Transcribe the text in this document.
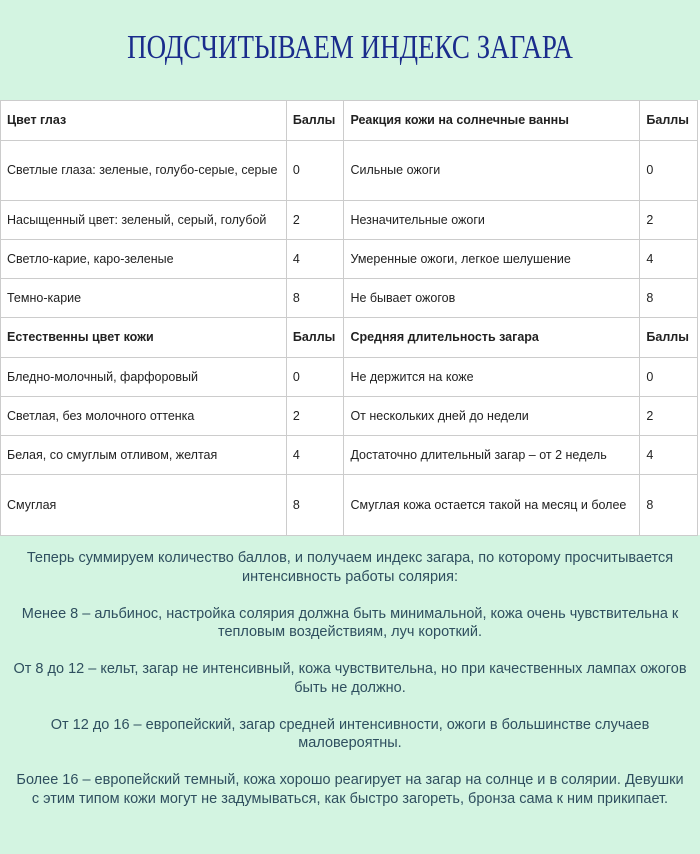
ПОДСЧИТЫВАЕМ ИНДЕКС ЗАГАРА
Цвет глаз	Баллы	Реакция кожи на солнечные ванны	Баллы
Светлые глаза: зеленые, голубо-серые, серые	0	Сильные ожоги	0
Насыщенный цвет: зеленый, серый, голубой	2	Незначительные ожоги	2
Светло-карие, каро-зеленые	4	Умеренные ожоги, легкое шелушение	4
Темно-карие	8	Не бывает ожогов	8
Естественны цвет кожи	Баллы	Средняя длительность загара	Баллы
Бледно-молочный, фарфоровый	0	Не держится на коже	0
Светлая, без молочного оттенка	2	От нескольких дней до недели	2
Белая, со смуглым отливом, желтая	4	Достаточно длительный загар – от 2 недель	4
Смуглая	8	Смуглая кожа остается такой на месяц и более	8

Теперь суммируем количество баллов, и получаем индекс загара, по которому просчитывается интенсивность работы солярия:

Менее 8 – альбинос, настройка солярия должна быть минимальной, кожа очень чувствительна к тепловым воздействиям, луч короткий.

От 8 до 12 – кельт, загар не интенсивный, кожа чувствительна, но при качественных лампах ожогов быть не должно.

От 12 до 16 – европейский, загар средней интенсивности, ожоги в большинстве случаев маловероятны.

Более 16 – европейский темный, кожа хорошо реагирует на загар на солнце и в солярии. Девушки с этим типом кожи могут не задумываться, как быстро загореть, бронза сама к ним прикипает.
